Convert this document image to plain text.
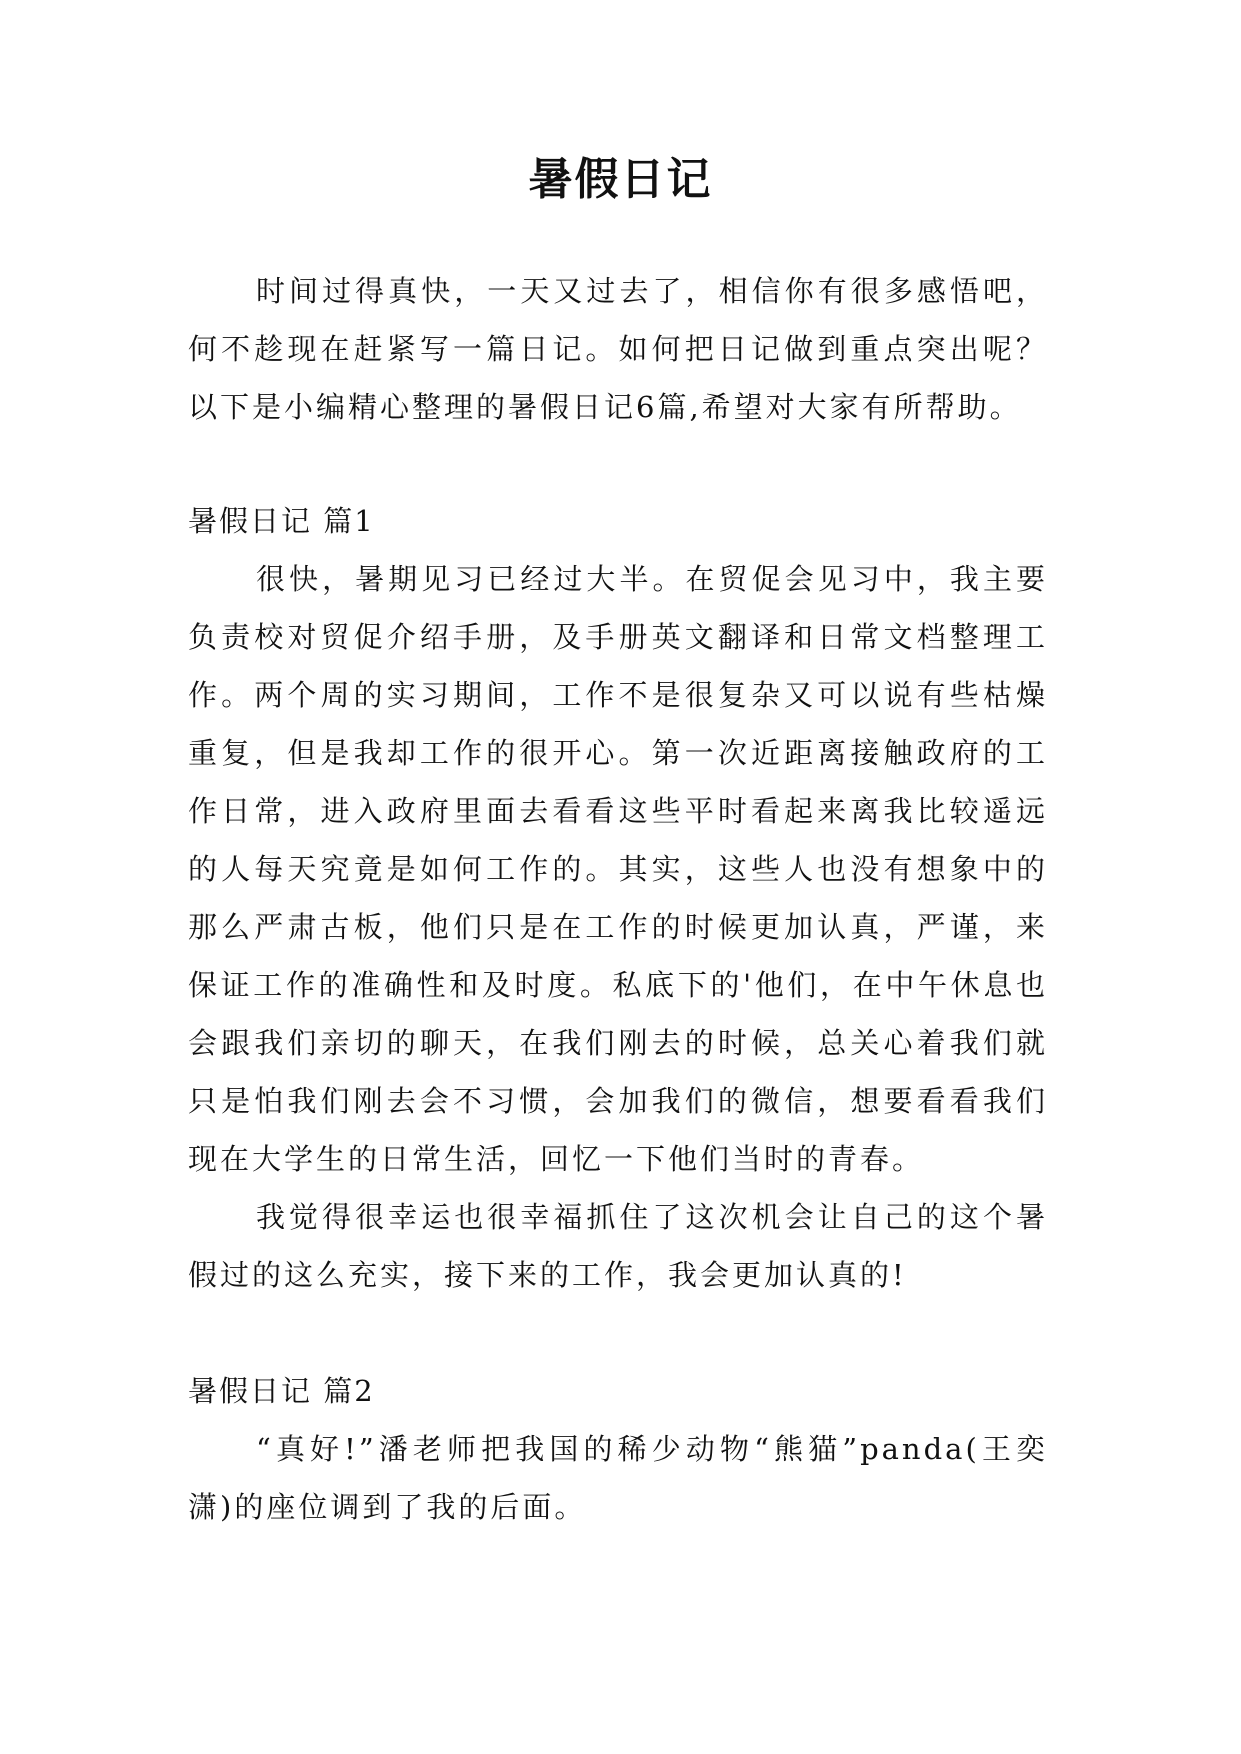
暑假日记

时间过得真快，一天又过去了，相信你有很多感悟吧，何不趁现在赶紧写一篇日记。如何把日记做到重点突出呢？以下是小编精心整理的暑假日记6篇,希望对大家有所帮助。

暑假日记 篇1

很快，暑期见习已经过大半。在贸促会见习中，我主要负责校对贸促介绍手册，及手册英文翻译和日常文档整理工作。两个周的实习期间，工作不是很复杂又可以说有些枯燥重复，但是我却工作的很开心。第一次近距离接触政府的工作日常，进入政府里面去看看这些平时看起来离我比较遥远的人每天究竟是如何工作的。其实，这些人也没有想象中的那么严肃古板，他们只是在工作的时候更加认真，严谨，来保证工作的准确性和及时度。私底下的'他们，在中午休息也会跟我们亲切的聊天，在我们刚去的时候，总关心着我们就只是怕我们刚去会不习惯，会加我们的微信，想要看看我们现在大学生的日常生活，回忆一下他们当时的青春。

我觉得很幸运也很幸福抓住了这次机会让自己的这个暑假过的这么充实，接下来的工作，我会更加认真的!

暑假日记 篇2

“真好!”潘老师把我国的稀少动物“熊猫”panda(王奕潇)的座位调到了我的后面。
